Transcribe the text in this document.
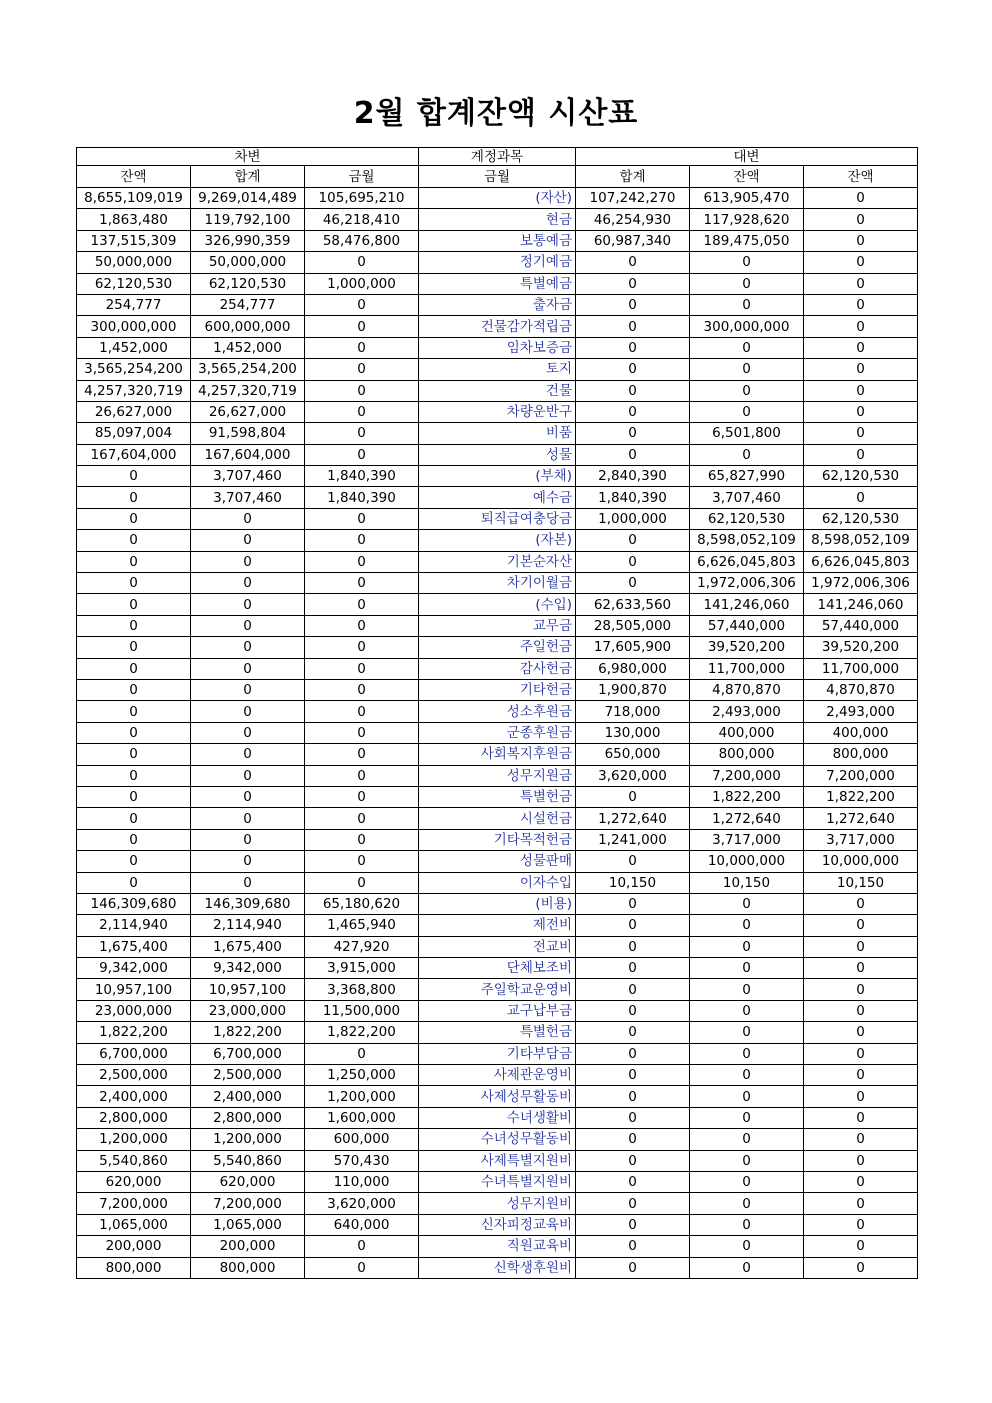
2월 합계잔액 시산표
차변			계정과목	대변		
잔액	합계	금월	금월	합계	잔액	잔액
8,655,109,019	9,269,014,489	105,695,210	(자산)	107,242,270	613,905,470	0
1,863,480	119,792,100	46,218,410	현금	46,254,930	117,928,620	0
137,515,309	326,990,359	58,476,800	보통예금	60,987,340	189,475,050	0
50,000,000	50,000,000	0	정기예금	0	0	0
62,120,530	62,120,530	1,000,000	특별예금	0	0	0
254,777	254,777	0	출자금	0	0	0
300,000,000	600,000,000	0	건물감가적립금	0	300,000,000	0
1,452,000	1,452,000	0	임차보증금	0	0	0
3,565,254,200	3,565,254,200	0	토지	0	0	0
4,257,320,719	4,257,320,719	0	건물	0	0	0
26,627,000	26,627,000	0	차량운반구	0	0	0
85,097,004	91,598,804	0	비품	0	6,501,800	0
167,604,000	167,604,000	0	성물	0	0	0
0	3,707,460	1,840,390	(부채)	2,840,390	65,827,990	62,120,530
0	3,707,460	1,840,390	예수금	1,840,390	3,707,460	0
0	0	0	퇴직급여충당금	1,000,000	62,120,530	62,120,530
0	0	0	(자본)	0	8,598,052,109	8,598,052,109
0	0	0	기본순자산	0	6,626,045,803	6,626,045,803
0	0	0	차기이월금	0	1,972,006,306	1,972,006,306
0	0	0	(수입)	62,633,560	141,246,060	141,246,060
0	0	0	교무금	28,505,000	57,440,000	57,440,000
0	0	0	주일헌금	17,605,900	39,520,200	39,520,200
0	0	0	감사헌금	6,980,000	11,700,000	11,700,000
0	0	0	기타헌금	1,900,870	4,870,870	4,870,870
0	0	0	성소후원금	718,000	2,493,000	2,493,000
0	0	0	군종후원금	130,000	400,000	400,000
0	0	0	사회복지후원금	650,000	800,000	800,000
0	0	0	성무지원금	3,620,000	7,200,000	7,200,000
0	0	0	특별헌금	0	1,822,200	1,822,200
0	0	0	시설헌금	1,272,640	1,272,640	1,272,640
0	0	0	기타목적헌금	1,241,000	3,717,000	3,717,000
0	0	0	성물판매	0	10,000,000	10,000,000
0	0	0	이자수입	10,150	10,150	10,150
146,309,680	146,309,680	65,180,620	(비용)	0	0	0
2,114,940	2,114,940	1,465,940	제전비	0	0	0
1,675,400	1,675,400	427,920	전교비	0	0	0
9,342,000	9,342,000	3,915,000	단체보조비	0	0	0
10,957,100	10,957,100	3,368,800	주일학교운영비	0	0	0
23,000,000	23,000,000	11,500,000	교구납부금	0	0	0
1,822,200	1,822,200	1,822,200	특별헌금	0	0	0
6,700,000	6,700,000	0	기타부담금	0	0	0
2,500,000	2,500,000	1,250,000	사제관운영비	0	0	0
2,400,000	2,400,000	1,200,000	사제성무활동비	0	0	0
2,800,000	2,800,000	1,600,000	수녀생활비	0	0	0
1,200,000	1,200,000	600,000	수녀성무활동비	0	0	0
5,540,860	5,540,860	570,430	사제특별지원비	0	0	0
620,000	620,000	110,000	수녀특별지원비	0	0	0
7,200,000	7,200,000	3,620,000	성무지원비	0	0	0
1,065,000	1,065,000	640,000	신자피정교육비	0	0	0
200,000	200,000	0	직원교육비	0	0	0
800,000	800,000	0	신학생후원비	0	0	0
